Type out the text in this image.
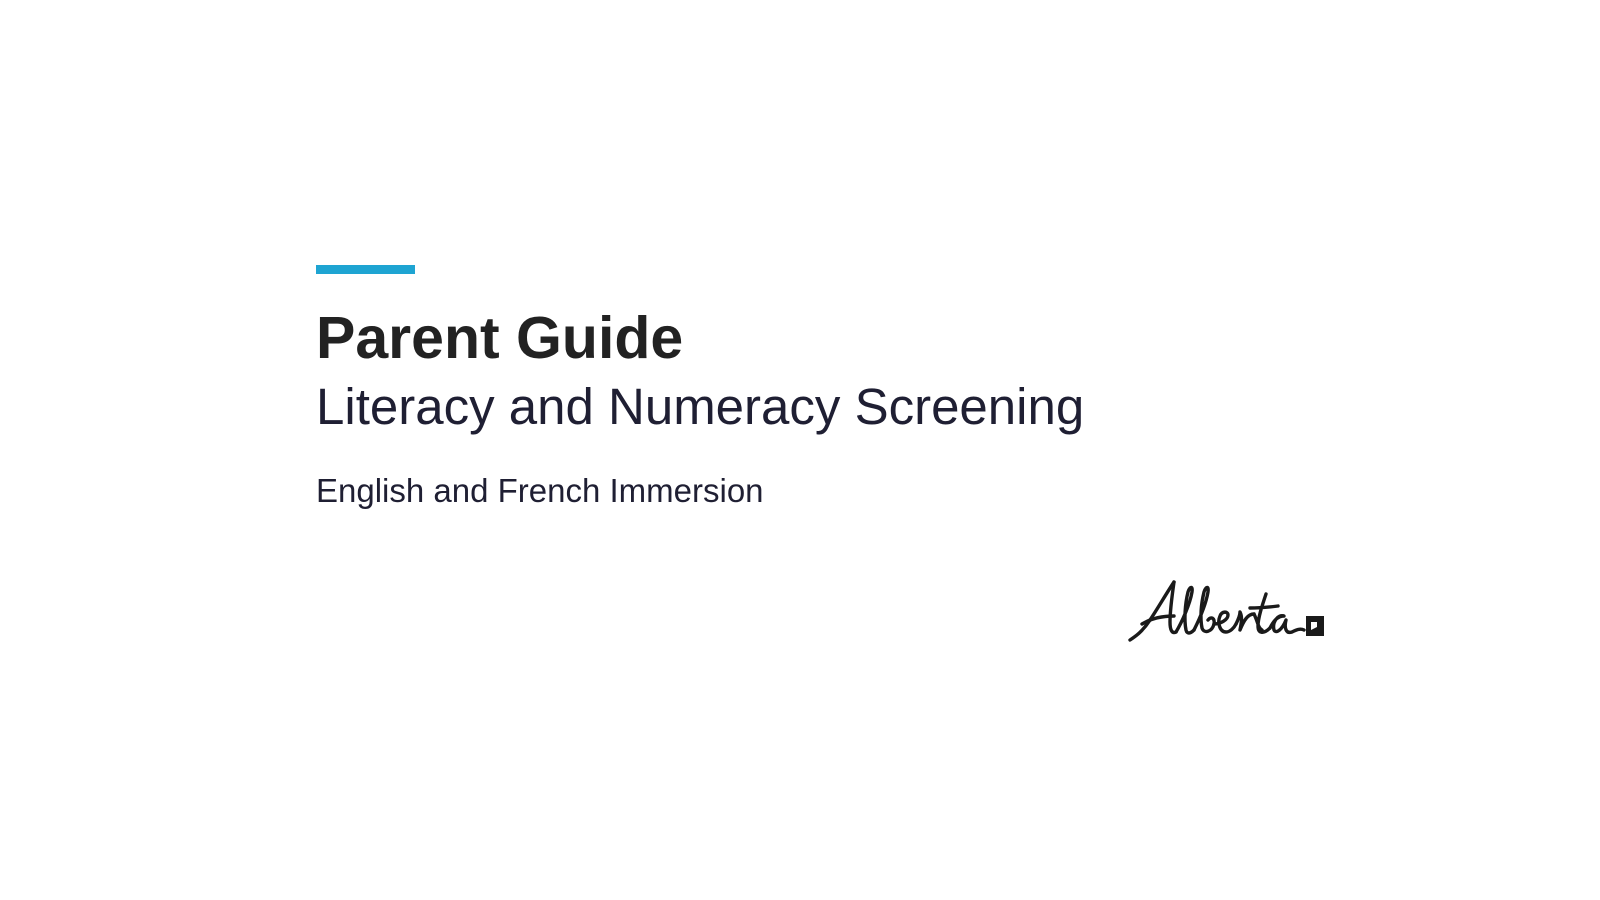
Parent Guide
Literacy and Numeracy Screening

English and French Immersion
